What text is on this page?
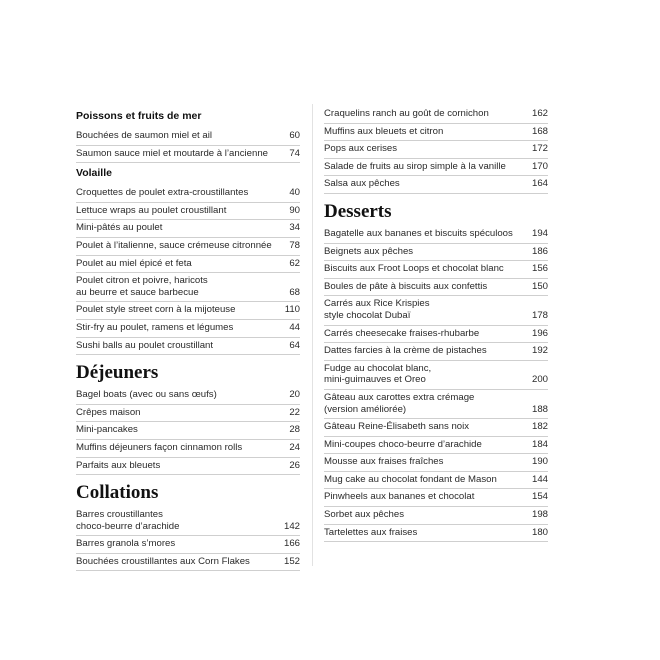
Poissons et fruits de mer
Bouchées de saumon miel et ail	60
Saumon sauce miel et moutarde à l’ancienne	74
Volaille
Croquettes de poulet extra-croustillantes	40
Lettuce wraps au poulet croustillant	90
Mini-pâtés au poulet	34
Poulet à l’italienne, sauce crémeuse citronnée	78
Poulet au miel épicé et feta	62
Poulet citron et poivre, haricots
au beurre et sauce barbecue	68
Poulet style street corn à la mijoteuse	110
Stir-fry au poulet, ramens et légumes	44
Sushi balls au poulet croustillant	64
Déjeuners
Bagel boats (avec ou sans œufs)	20
Crêpes maison	22
Mini-pancakes	28
Muffins déjeuners façon cinnamon rolls	24
Parfaits aux bleuets	26
Collations
Barres croustillantes
choco-beurre d’arachide	142
Barres granola s’mores	166
Bouchées croustillantes aux Corn Flakes	152
Craquelins ranch au goût de cornichon	162
Muffins aux bleuets et citron	168
Pops aux cerises	172
Salade de fruits au sirop simple à la vanille	170
Salsa aux pêches	164
Desserts
Bagatelle aux bananes et biscuits spéculoos	194
Beignets aux pêches	186
Biscuits aux Froot Loops et chocolat blanc	156
Boules de pâte à biscuits aux confettis	150
Carrés aux Rice Krispies
style chocolat Dubaï	178
Carrés cheesecake fraises-rhubarbe	196
Dattes farcies à la crème de pistaches	192
Fudge au chocolat blanc,
mini-guimauves et Oreo	200
Gâteau aux carottes extra crémage
(version améliorée)	188
Gâteau Reine-Élisabeth sans noix	182
Mini-coupes choco-beurre d’arachide	184
Mousse aux fraises fraîches	190
Mug cake au chocolat fondant de Mason	144
Pinwheels aux bananes et chocolat	154
Sorbet aux pêches	198
Tartelettes aux fraises	180
